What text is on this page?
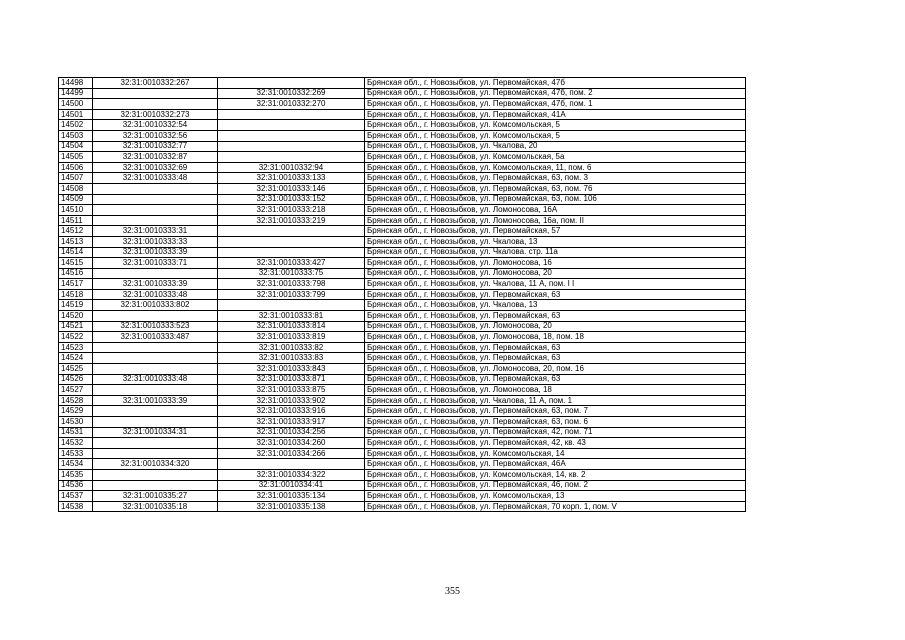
14498	32:31:0010332:267		Брянская обл., г. Новозыбков, ул. Первомайская, 47б
14499		32:31:0010332:269	Брянская обл., г. Новозыбков, ул. Первомайская, 47б, пом. 2
14500		32:31:0010332:270	Брянская обл., г. Новозыбков, ул. Первомайская, 47б, пом. 1
14501	32:31:0010332:273		Брянская обл., г. Новозыбков, ул. Первомайская, 41А
14502	32:31:0010332:54		Брянская обл., г. Новозыбков, ул. Комсомольская, 5
14503	32:31:0010332:56		Брянская обл., г. Новозыбков, ул. Комсомольская, 5
14504	32:31:0010332:77		Брянская обл., г. Новозыбков, ул. Чкалова, 20
14505	32:31:0010332:87		Брянская обл., г. Новозыбков, ул. Комсомольская, 5а
14506	32:31:0010332:69	32:31:0010332:94	Брянская обл., г. Новозыбков, ул. Комсомольская, 11, пом. 6
14507	32:31:0010333:48	32:31:0010333:133	Брянская обл., г. Новозыбков, ул. Первомайская, 63, пом. 3
14508		32:31:0010333:146	Брянская обл., г. Новозыбков, ул. Первомайская, 63, пом. 76
14509		32:31:0010333:152	Брянская обл., г. Новозыбков, ул. Первомайская, 63, пом. 106
14510		32:31:0010333:218	Брянская обл., г. Новозыбков, ул. Ломоносова, 16А
14511		32:31:0010333:219	Брянская обл., г. Новозыбков, ул. Ломоносова, 16а, пом. II
14512	32:31:0010333:31		Брянская обл., г. Новозыбков, ул. Первомайская, 57
14513	32:31:0010333:33		Брянская обл., г. Новозыбков, ул. Чкалова, 13
14514	32:31:0010333:39		Брянская обл., г. Новозыбков, ул. Чкалова. стр. 11а
14515	32:31:0010333:71	32:31:0010333:427	Брянская обл., г. Новозыбков, ул. Ломоносова, 16
14516		32:31:0010333:75	Брянская обл., г. Новозыбков, ул. Ломоносова, 20
14517	32:31:0010333:39	32:31:0010333:798	Брянская обл., г. Новозыбков, ул. Чкалова, 11 А, пом. I I
14518	32:31:0010333:48	32:31:0010333:799	Брянская обл., г. Новозыбков, ул. Первомайская, 63
14519	32:31:0010333:802		Брянская обл., г. Новозыбков, ул. Чкалова, 13
14520		32:31:0010333:81	Брянская обл., г. Новозыбков, ул. Первомайская, 63
14521	32:31:0010333:523	32:31:0010333:814	Брянская обл., г. Новозыбков, ул. Ломоносова, 20
14522	32:31:0010333:487	32:31:0010333:819	Брянская обл., г. Новозыбков, ул. Ломоносова, 18, пом. 18
14523		32:31:0010333:82	Брянская обл., г. Новозыбков, ул. Первомайская, 63
14524		32:31:0010333:83	Брянская обл., г. Новозыбков, ул. Первомайская, 63
14525		32:31:0010333:843	Брянская обл., г. Новозыбков, ул. Ломоносова, 20, пом. 16
14526	32:31:0010333:48	32:31:0010333:871	Брянская обл., г. Новозыбков, ул. Первомайская, 63
14527		32:31:0010333:875	Брянская обл., г. Новозыбков, ул. Ломоносова, 18
14528	32:31:0010333:39	32:31:0010333:902	Брянская обл., г. Новозыбков, ул. Чкалова, 11 А, пом. 1
14529		32:31:0010333:916	Брянская обл., г. Новозыбков, ул. Первомайская, 63, пом. 7
14530		32:31:0010333:917	Брянская обл., г. Новозыбков, ул. Первомайская, 63, пом. 6
14531	32:31:0010334:31	32:31:0010334:256	Брянская обл., г. Новозыбков, ул. Первомайская, 42, пом. 71
14532		32:31:0010334:260	Брянская обл., г. Новозыбков, ул. Первомайская, 42, кв. 43
14533		32:31:0010334:266	Брянская обл., г. Новозыбков, ул. Комсомольская, 14
14534	32:31:0010334:320		Брянская обл., г. Новозыбков, ул. Первомайская, 46А
14535		32:31:0010334:322	Брянская обл., г. Новозыбков, ул. Комсомольская, 14, кв. 2
14536		32:31:0010334:41	Брянская обл., г. Новозыбков, ул. Первомайская, 46, пом. 2
14537	32:31:0010335:27	32:31:0010335:134	Брянская обл., г. Новозыбков, ул. Комсомольская, 13
14538	32:31:0010335:18	32:31:0010335:138	Брянская обл., г. Новозыбков, ул. Первомайская, 70 корп. 1, пом. V
355
